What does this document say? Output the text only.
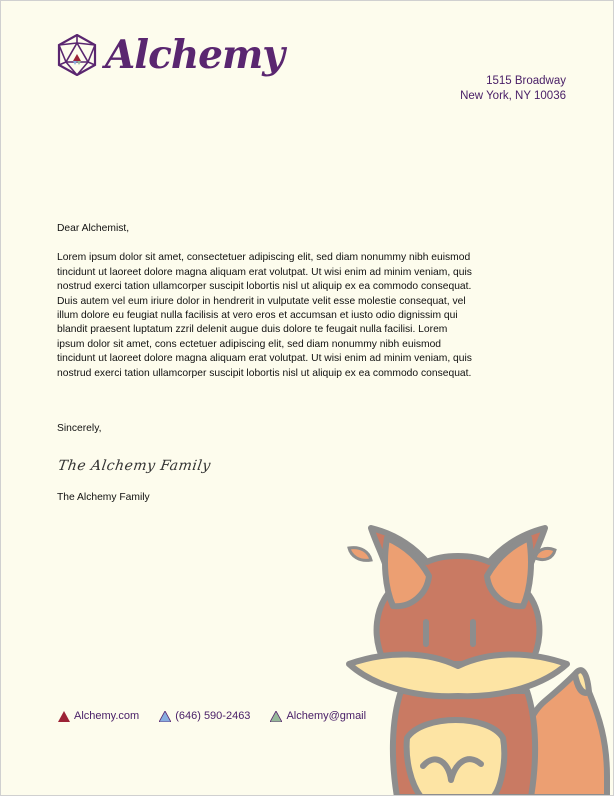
Alchemy
1515 Broadway
New York, NY 10036

Dear Alchemist,

Lorem ipsum dolor sit amet, consectetuer adipiscing elit, sed diam nonummy nibh euismod tincidunt ut laoreet dolore magna aliquam erat volutpat. Ut wisi enim ad minim veniam, quis nostrud exerci tation ullamcorper suscipit lobortis nisl ut aliquip ex ea commodo consequat. Duis autem vel eum iriure dolor in hendrerit in vulputate velit esse molestie consequat, vel illum dolore eu feugiat nulla facilisis at vero eros et accumsan et iusto odio dignissim qui blandit praesent luptatum zzril delenit augue duis dolore te feugait nulla facilisi. Lorem ipsum dolor sit amet, cons ectetuer adipiscing elit, sed diam nonummy nibh euismod tincidunt ut laoreet dolore magna aliquam erat volutpat. Ut wisi enim ad minim veniam, quis nostrud exerci tation ullamcorper suscipit lobortis nisl ut aliquip ex ea commodo consequat.

Sincerely,
The Alchemy Family
The Alchemy Family
Alchemy.com	(646) 590-2463	Alchemy@gmail
